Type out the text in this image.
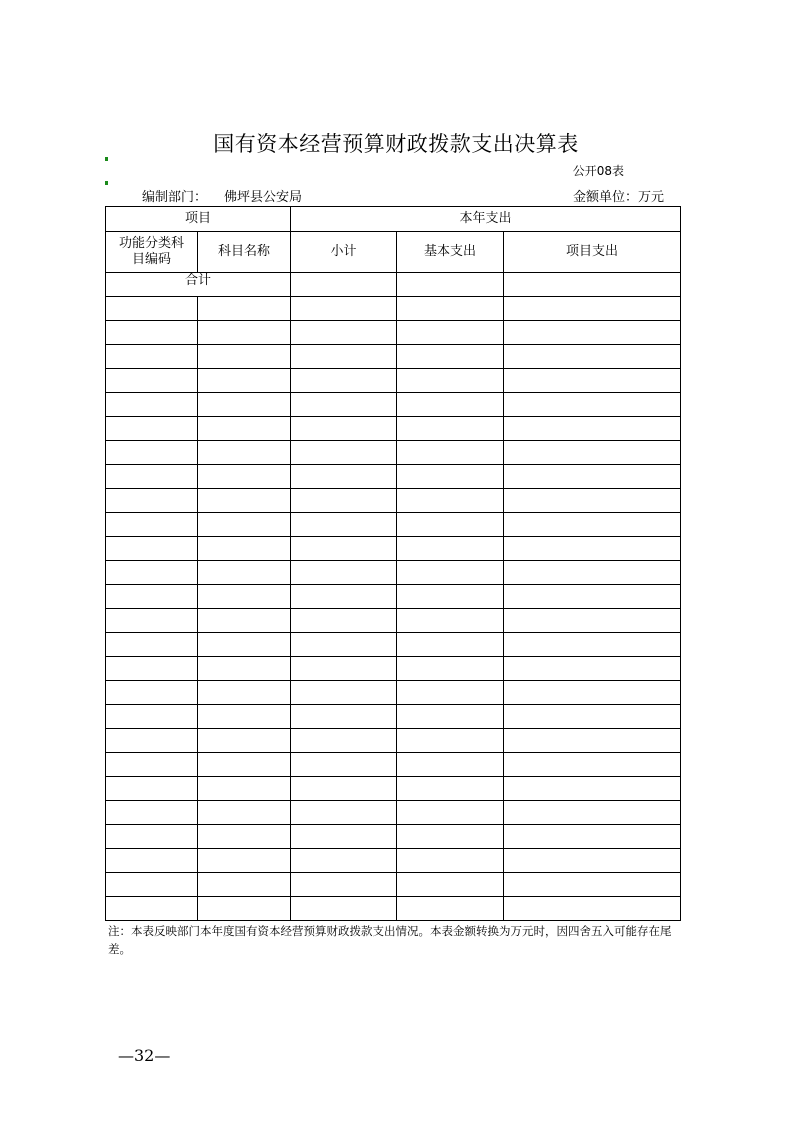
国有资本经营预算财政拨款支出决算表
公开08表
编制部门： 佛坪县公安局	金额单位：万元
项目		本年支出		
功能分类科目编码	科目名称	小计	基本支出	项目支出
合计				

注：本表反映部门本年度国有资本经营预算财政拨款支出情况。本表金额转换为万元时，因四舍五入可能存在尾差。
—32—
